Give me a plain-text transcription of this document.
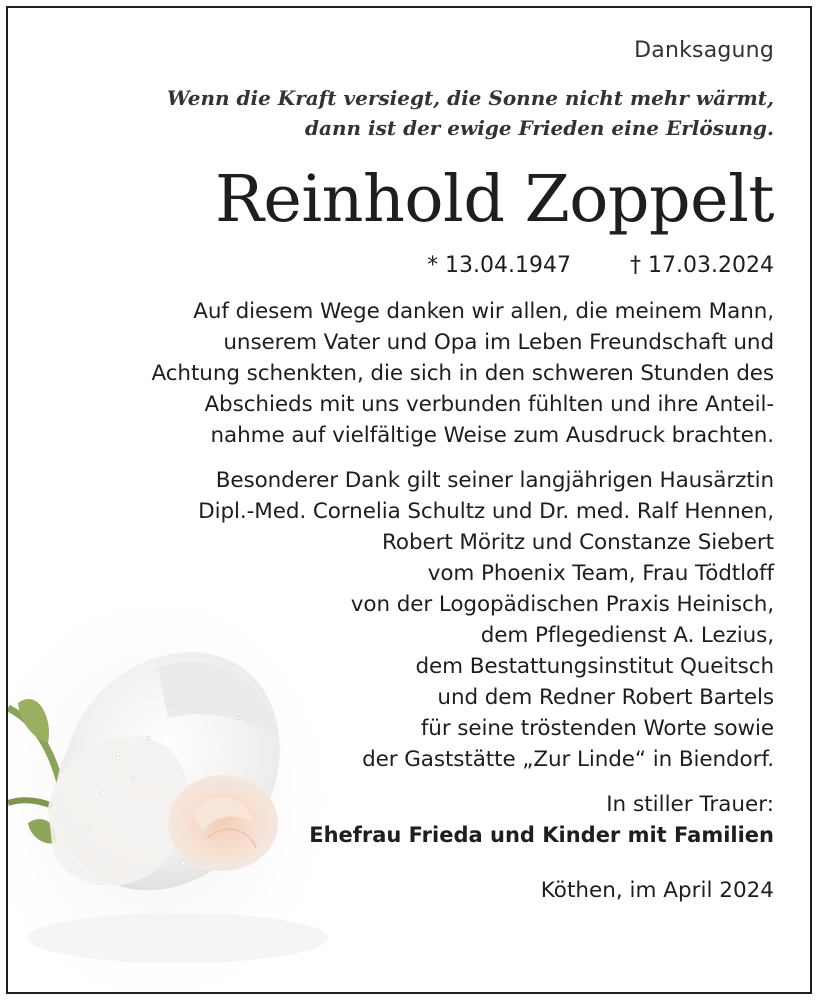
Danksagung
Wenn die Kraft versiegt, die Sonne nicht mehr wärmt,
dann ist der ewige Frieden eine Erlösung.
Reinhold Zoppelt
* 13.04.1947	† 17.03.2024
Auf diesem Wege danken wir allen, die meinem Mann,
unserem Vater und Opa im Leben Freundschaft und
Achtung schenkten, die sich in den schweren Stunden des
Abschieds mit uns verbunden fühlten und ihre Anteil-
nahme auf vielfältige Weise zum Ausdruck brachten.
Besonderer Dank gilt seiner langjährigen Hausärztin
Dipl.-Med. Cornelia Schultz und Dr. med. Ralf Hennen,
Robert Möritz und Constanze Siebert
vom Phoenix Team, Frau Tödtloff
von der Logopädischen Praxis Heinisch,
dem Pflegedienst A. Lezius,
dem Bestattungsinstitut Queitsch
und dem Redner Robert Bartels
für seine tröstenden Worte sowie
der Gaststätte „Zur Linde“ in Biendorf.
In stiller Trauer:
Ehefrau Frieda und Kinder mit Familien
Köthen, im April 2024
